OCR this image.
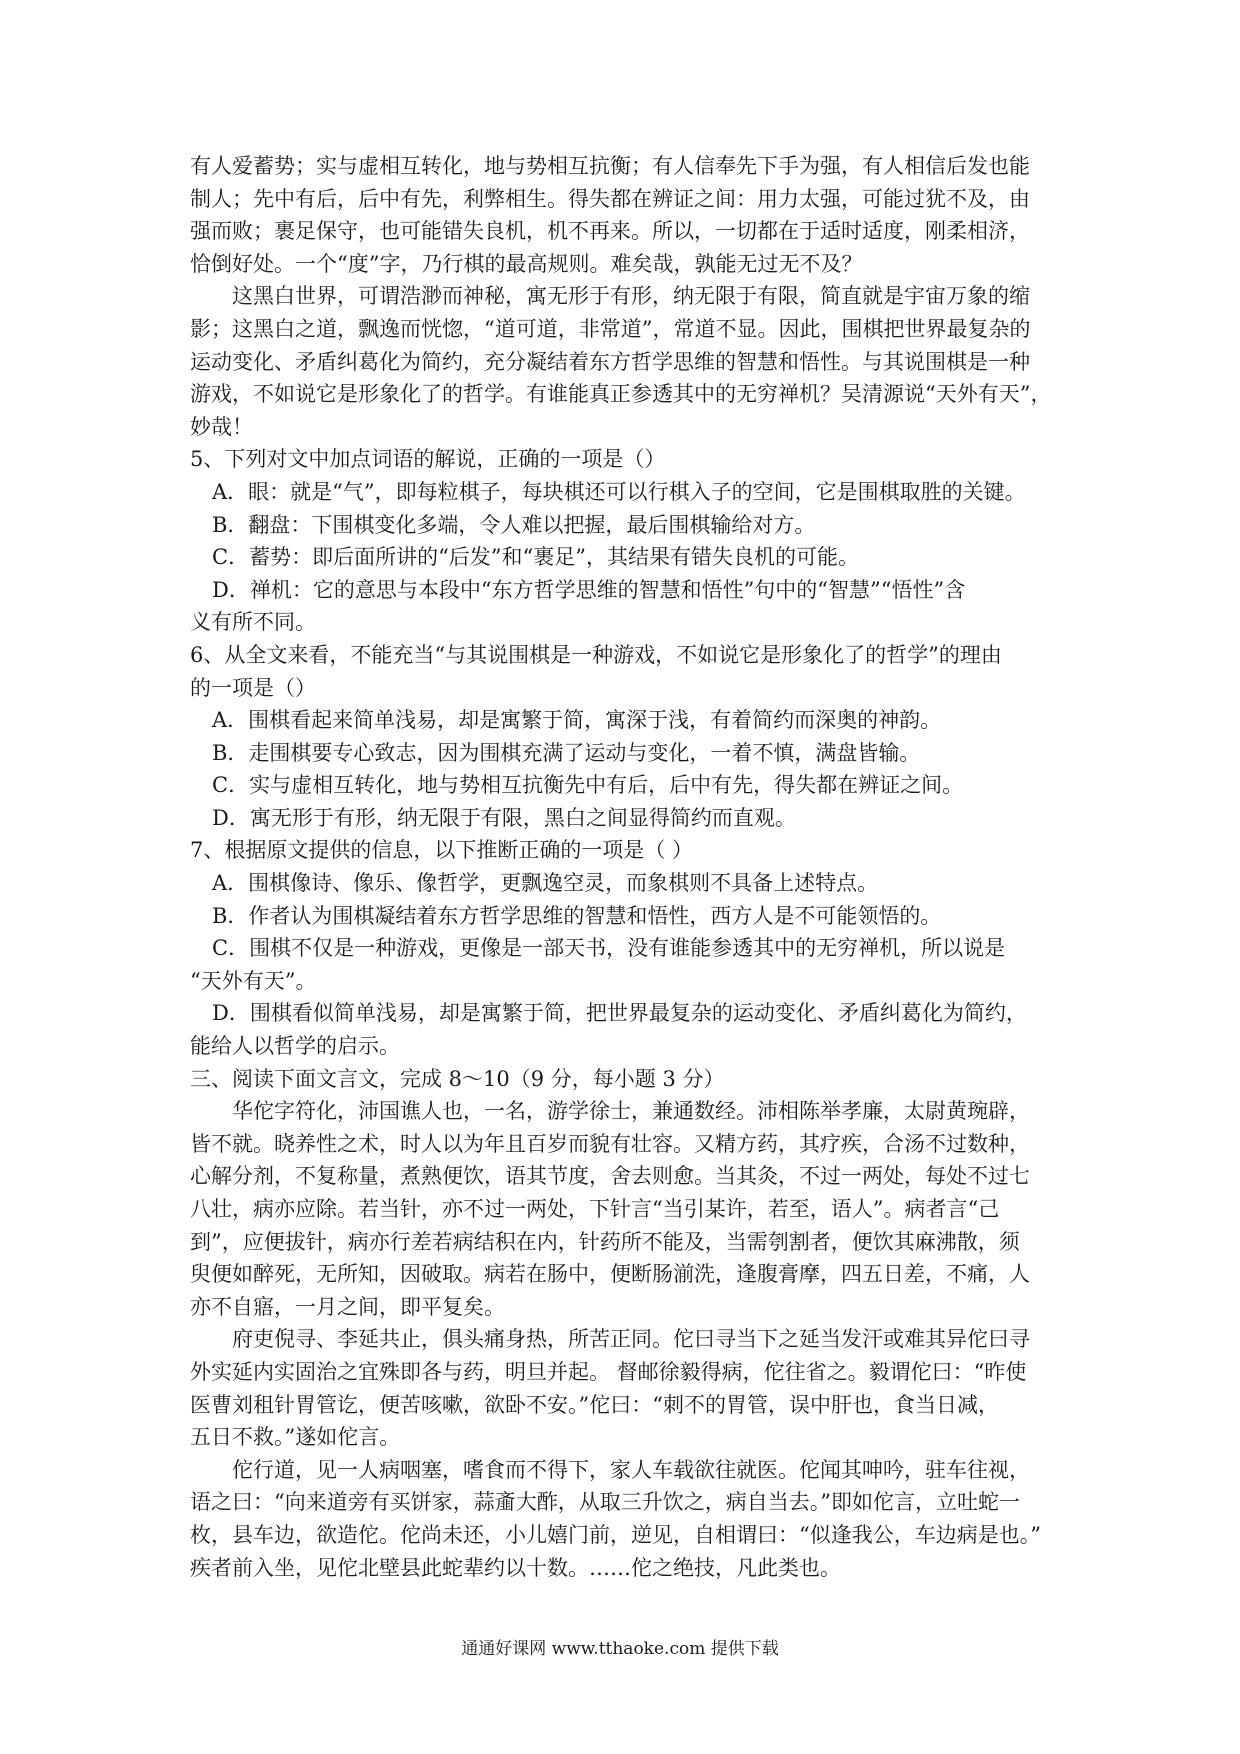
有人爱蓄势；实与虚相互转化，地与势相互抗衡；有人信奉先下手为强，有人相信后发也能
制人；先中有后，后中有先，利弊相生。得失都在辨证之间：用力太强，可能过犹不及，由
强而败；裹足保守，也可能错失良机，机不再来。所以，一切都在于适时适度，刚柔相济，
恰倒好处。一个“度”字，乃行棋的最高规则。难矣哉，孰能无过无不及？
这黑白世界，可谓浩渺而神秘，寓无形于有形，纳无限于有限，简直就是宇宙万象的缩
影；这黑白之道，飘逸而恍惚，“道可道，非常道”，常道不显。因此，围棋把世界最复杂的
运动变化、矛盾纠葛化为简约，充分凝结着东方哲学思维的智慧和悟性。与其说围棋是一种
游戏，不如说它是形象化了的哲学。有谁能真正参透其中的无穷禅机？吴清源说“天外有天”，
妙哉！
5、下列对文中加点词语的解说，正确的一项是（）
A．眼：就是“气”，即每粒棋子，每块棋还可以行棋入子的空间，它是围棋取胜的关键。
B．翻盘：下围棋变化多端，令人难以把握，最后围棋输给对方。
C．蓄势：即后面所讲的“后发”和“裹足”，其结果有错失良机的可能。
D．禅机：它的意思与本段中“东方哲学思维的智慧和悟性”句中的“智慧”“悟性”含
义有所不同。
6、从全文来看，不能充当“与其说围棋是一种游戏，不如说它是形象化了的哲学”的理由
的一项是（）
A．围棋看起来简单浅易，却是寓繁于简，寓深于浅，有着简约而深奥的神韵。
B．走围棋要专心致志，因为围棋充满了运动与变化，一着不慎，满盘皆输。
C．实与虚相互转化，地与势相互抗衡先中有后，后中有先，得失都在辨证之间。
D．寓无形于有形，纳无限于有限，黑白之间显得简约而直观。
7、根据原文提供的信息，以下推断正确的一项是（ ）
A．围棋像诗、像乐、像哲学，更飘逸空灵，而象棋则不具备上述特点。
B．作者认为围棋凝结着东方哲学思维的智慧和悟性，西方人是不可能领悟的。
C．围棋不仅是一种游戏，更像是一部天书，没有谁能参透其中的无穷禅机，所以说是
“天外有天”。
D．围棋看似简单浅易，却是寓繁于简，把世界最复杂的运动变化、矛盾纠葛化为简约，
能给人以哲学的启示。
三、阅读下面文言文，完成 8～10（9 分，每小题 3 分）
华佗字符化，沛国谯人也，一名，游学徐士，兼通数经。沛相陈举孝廉，太尉黄琬辟，
皆不就。晓养性之术，时人以为年且百岁而貌有壮容。又精方药，其疗疾，合汤不过数种，
心解分剂，不复称量，煮熟便饮，语其节度，舍去则愈。当其灸，不过一两处，每处不过七
八壮，病亦应除。若当针，亦不过一两处，下针言“当引某许，若至，语人”。病者言“己
到”，应便拔针，病亦行差若病结积在内，针药所不能及，当需刳割者，便饮其麻沸散，须
臾便如醉死，无所知，因破取。病若在肠中，便断肠湔洗，逢腹膏摩，四五日差，不痛，人
亦不自寤，一月之间，即平复矣。
府吏倪寻、李延共止，俱头痛身热，所苦正同。佗曰寻当下之延当发汗或难其异佗曰寻
外实延内实固治之宜殊即各与药，明旦并起。 督邮徐毅得病，佗往省之。毅谓佗曰：“昨使
医曹刘租针胃管讫，便苦咳嗽，欲卧不安。”佗曰：“刺不的胃管，误中肝也，食当日减，
五日不救。”遂如佗言。
佗行道，见一人病咽塞，嗜食而不得下，家人车载欲往就医。佗闻其呻吟，驻车往视，
语之曰：“向来道旁有买饼家，蒜齑大酢，从取三升饮之，病自当去。”即如佗言，立吐蛇一
枚，县车边，欲造佗。佗尚未还，小儿嬉门前，逆见，自相谓曰：“似逢我公，车边病是也。”
疾者前入坐，见佗北壁县此蛇辈约以十数。……佗之绝技，凡此类也。
通通好课网 www.tthaoke.com 提供下载
